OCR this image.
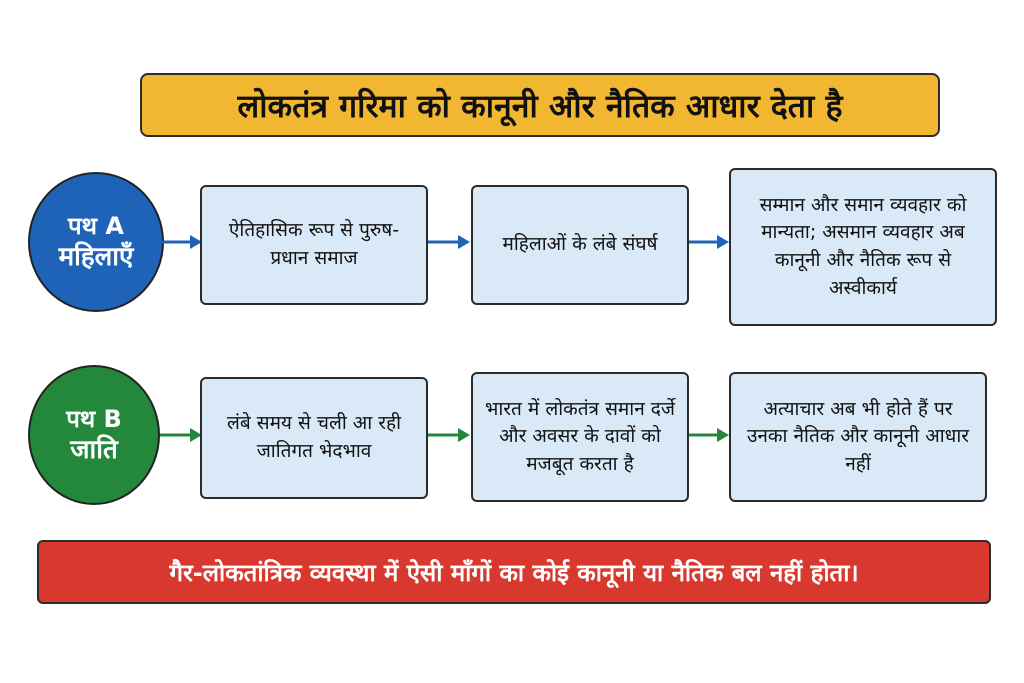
लोकतंत्र गरिमा को कानूनी और नैतिक आधार देता है
पथ A
महिलाएँ
ऐतिहासिक रूप से पुरुष-प्रधान समाज
महिलाओं के लंबे संघर्ष
सम्मान और समान व्यवहार को मान्यता; असमान व्यवहार अब कानूनी और नैतिक रूप से अस्वीकार्य
पथ B
जाति
लंबे समय से चली आ रही जातिगत भेदभाव
भारत में लोकतंत्र समान दर्जे और अवसर के दावों को मजबूत करता है
अत्याचार अब भी होते हैं पर उनका नैतिक और कानूनी आधार नहीं
गैर-लोकतांत्रिक व्यवस्था में ऐसी माँगों का कोई कानूनी या नैतिक बल नहीं होता।
